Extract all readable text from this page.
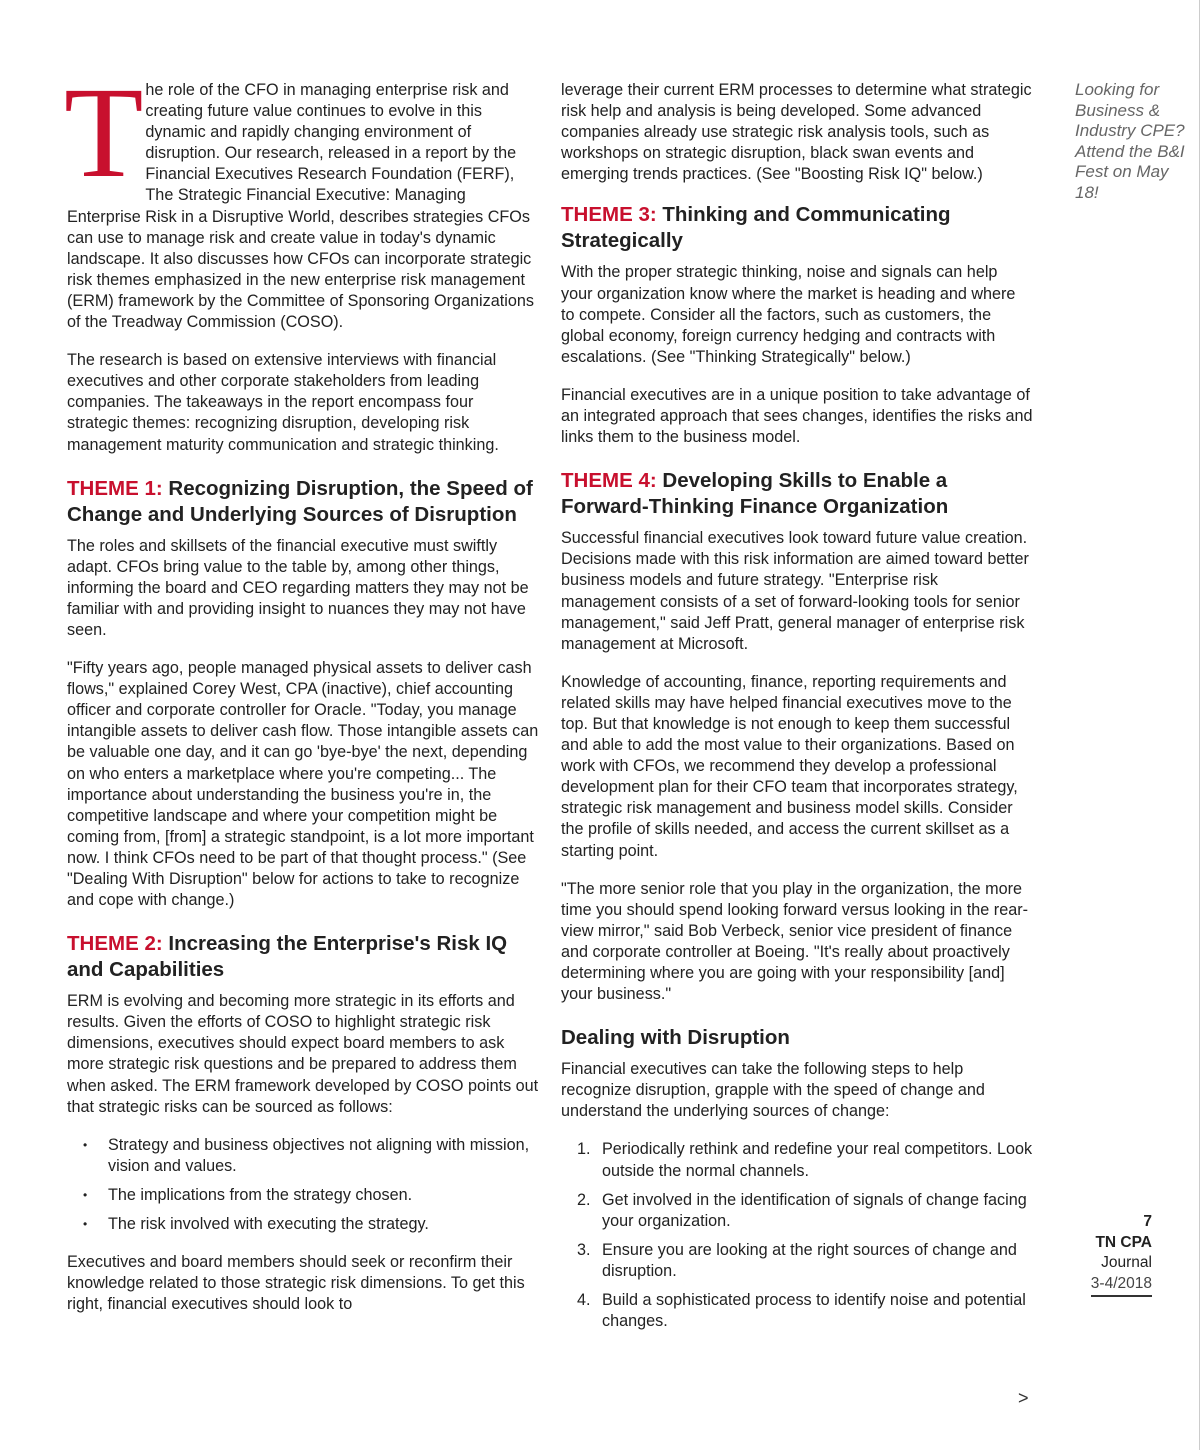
The role of the CFO in managing enterprise risk and creating future value continues to evolve in this dynamic and rapidly changing environment of disruption. Our research, released in a report by the Financial Executives Research Foundation (FERF), The Strategic Financial Executive: Managing Enterprise Risk in a Disruptive World, describes strategies CFOs can use to manage risk and create value in today's dynamic landscape. It also discusses how CFOs can incorporate strategic risk themes emphasized in the new enterprise risk management (ERM) framework by the Committee of Sponsoring Organizations of the Treadway Commission (COSO).

The research is based on extensive interviews with financial executives and other corporate stakeholders from leading companies. The takeaways in the report encompass four strategic themes: recognizing disruption, developing risk management maturity communication and strategic thinking.

THEME 1: Recognizing Disruption, the Speed of Change and Underlying Sources of Disruption

The roles and skillsets of the financial executive must swiftly adapt. CFOs bring value to the table by, among other things, informing the board and CEO regarding matters they may not be familiar with and providing insight to nuances they may not have seen.

"Fifty years ago, people managed physical assets to deliver cash flows," explained Corey West, CPA (inactive), chief accounting officer and corporate controller for Oracle. "Today, you manage intangible assets to deliver cash flow. Those intangible assets can be valuable one day, and it can go 'bye-bye' the next, depending on who enters a marketplace where you're competing... The importance about understanding the business you're in, the competitive landscape and where your competition might be coming from, [from] a strategic standpoint, is a lot more important now. I think CFOs need to be part of that thought process." (See "Dealing With Disruption" below for actions to take to recognize and cope with change.)

THEME 2: Increasing the Enterprise's Risk IQ and Capabilities

ERM is evolving and becoming more strategic in its efforts and results. Given the efforts of COSO to highlight strategic risk dimensions, executives should expect board members to ask more strategic risk questions and be prepared to address them when asked. The ERM framework developed by COSO points out that strategic risks can be sourced as follows:

• Strategy and business objectives not aligning with mission, vision and values.
• The implications from the strategy chosen.
• The risk involved with executing the strategy.

Executives and board members should seek or reconfirm their knowledge related to those strategic risk dimensions. To get this right, financial executives should look to

leverage their current ERM processes to determine what strategic risk help and analysis is being developed. Some advanced companies already use strategic risk analysis tools, such as workshops on strategic disruption, black swan events and emerging trends practices. (See "Boosting Risk IQ" below.)

THEME 3: Thinking and Communicating Strategically

With the proper strategic thinking, noise and signals can help your organization know where the market is heading and where to compete. Consider all the factors, such as customers, the global economy, foreign currency hedging and contracts with escalations. (See "Thinking Strategically" below.)

Financial executives are in a unique position to take advantage of an integrated approach that sees changes, identifies the risks and links them to the business model.

THEME 4: Developing Skills to Enable a Forward-Thinking Finance Organization

Successful financial executives look toward future value creation. Decisions made with this risk information are aimed toward better business models and future strategy. "Enterprise risk management consists of a set of forward-looking tools for senior management," said Jeff Pratt, general manager of enterprise risk management at Microsoft.

Knowledge of accounting, finance, reporting requirements and related skills may have helped financial executives move to the top. But that knowledge is not enough to keep them successful and able to add the most value to their organizations. Based on work with CFOs, we recommend they develop a professional development plan for their CFO team that incorporates strategy, strategic risk management and business model skills. Consider the profile of skills needed, and access the current skillset as a starting point.

"The more senior role that you play in the organization, the more time you should spend looking forward versus looking in the rear-view mirror," said Bob Verbeck, senior vice president of finance and corporate controller at Boeing. "It's really about proactively determining where you are going with your responsibility [and] your business."

Dealing with Disruption

Financial executives can take the following steps to help recognize disruption, grapple with the speed of change and understand the underlying sources of change:

1. Periodically rethink and redefine your real competitors. Look outside the normal channels.
2. Get involved in the identification of signals of change facing your organization.
3. Ensure you are looking at the right sources of change and disruption.
4. Build a sophisticated process to identify noise and potential changes.
Looking for Business & Industry CPE? Attend the B&I Fest on May 18!
7
TN CPA
Journal
3-4/2018
>
